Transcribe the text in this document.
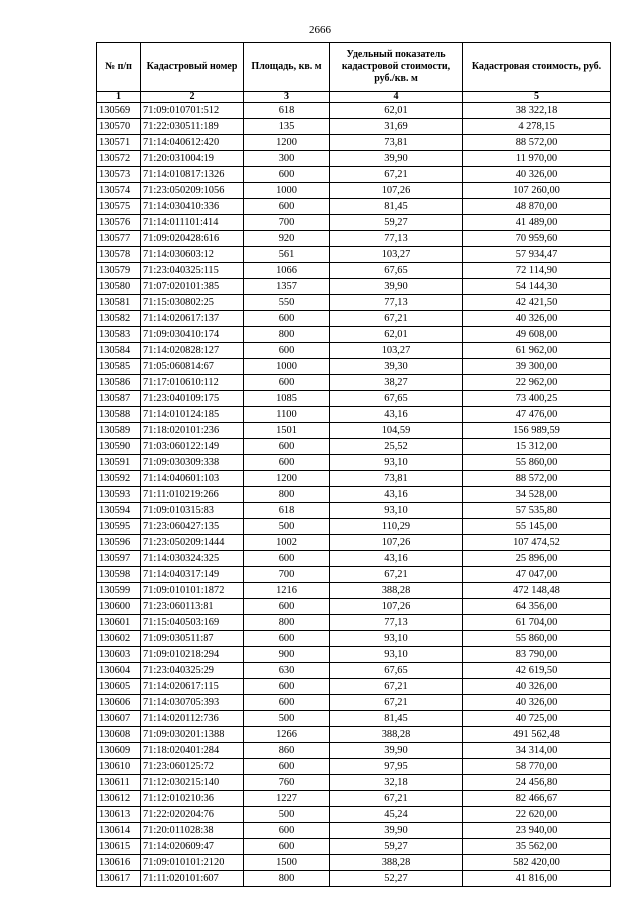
2666
№ п/п	Кадастровый номер	Площадь, кв. м	Удельный показатель кадастровой стоимости, руб./кв. м	Кадастровая стоимость, руб.
1	2	3	4	5
130569	71:09:010701:512	618	62,01	38 322,18
130570	71:22:030511:189	135	31,69	4 278,15
130571	71:14:040612:420	1200	73,81	88 572,00
130572	71:20:031004:19	300	39,90	11 970,00
130573	71:14:010817:1326	600	67,21	40 326,00
130574	71:23:050209:1056	1000	107,26	107 260,00
130575	71:14:030410:336	600	81,45	48 870,00
130576	71:14:011101:414	700	59,27	41 489,00
130577	71:09:020428:616	920	77,13	70 959,60
130578	71:14:030603:12	561	103,27	57 934,47
130579	71:23:040325:115	1066	67,65	72 114,90
130580	71:07:020101:385	1357	39,90	54 144,30
130581	71:15:030802:25	550	77,13	42 421,50
130582	71:14:020617:137	600	67,21	40 326,00
130583	71:09:030410:174	800	62,01	49 608,00
130584	71:14:020828:127	600	103,27	61 962,00
130585	71:05:060814:67	1000	39,30	39 300,00
130586	71:17:010610:112	600	38,27	22 962,00
130587	71:23:040109:175	1085	67,65	73 400,25
130588	71:14:010124:185	1100	43,16	47 476,00
130589	71:18:020101:236	1501	104,59	156 989,59
130590	71:03:060122:149	600	25,52	15 312,00
130591	71:09:030309:338	600	93,10	55 860,00
130592	71:14:040601:103	1200	73,81	88 572,00
130593	71:11:010219:266	800	43,16	34 528,00
130594	71:09:010315:83	618	93,10	57 535,80
130595	71:23:060427:135	500	110,29	55 145,00
130596	71:23:050209:1444	1002	107,26	107 474,52
130597	71:14:030324:325	600	43,16	25 896,00
130598	71:14:040317:149	700	67,21	47 047,00
130599	71:09:010101:1872	1216	388,28	472 148,48
130600	71:23:060113:81	600	107,26	64 356,00
130601	71:15:040503:169	800	77,13	61 704,00
130602	71:09:030511:87	600	93,10	55 860,00
130603	71:09:010218:294	900	93,10	83 790,00
130604	71:23:040325:29	630	67,65	42 619,50
130605	71:14:020617:115	600	67,21	40 326,00
130606	71:14:030705:393	600	67,21	40 326,00
130607	71:14:020112:736	500	81,45	40 725,00
130608	71:09:030201:1388	1266	388,28	491 562,48
130609	71:18:020401:284	860	39,90	34 314,00
130610	71:23:060125:72	600	97,95	58 770,00
130611	71:12:030215:140	760	32,18	24 456,80
130612	71:12:010210:36	1227	67,21	82 466,67
130613	71:22:020204:76	500	45,24	22 620,00
130614	71:20:011028:38	600	39,90	23 940,00
130615	71:14:020609:47	600	59,27	35 562,00
130616	71:09:010101:2120	1500	388,28	582 420,00
130617	71:11:020101:607	800	52,27	41 816,00
